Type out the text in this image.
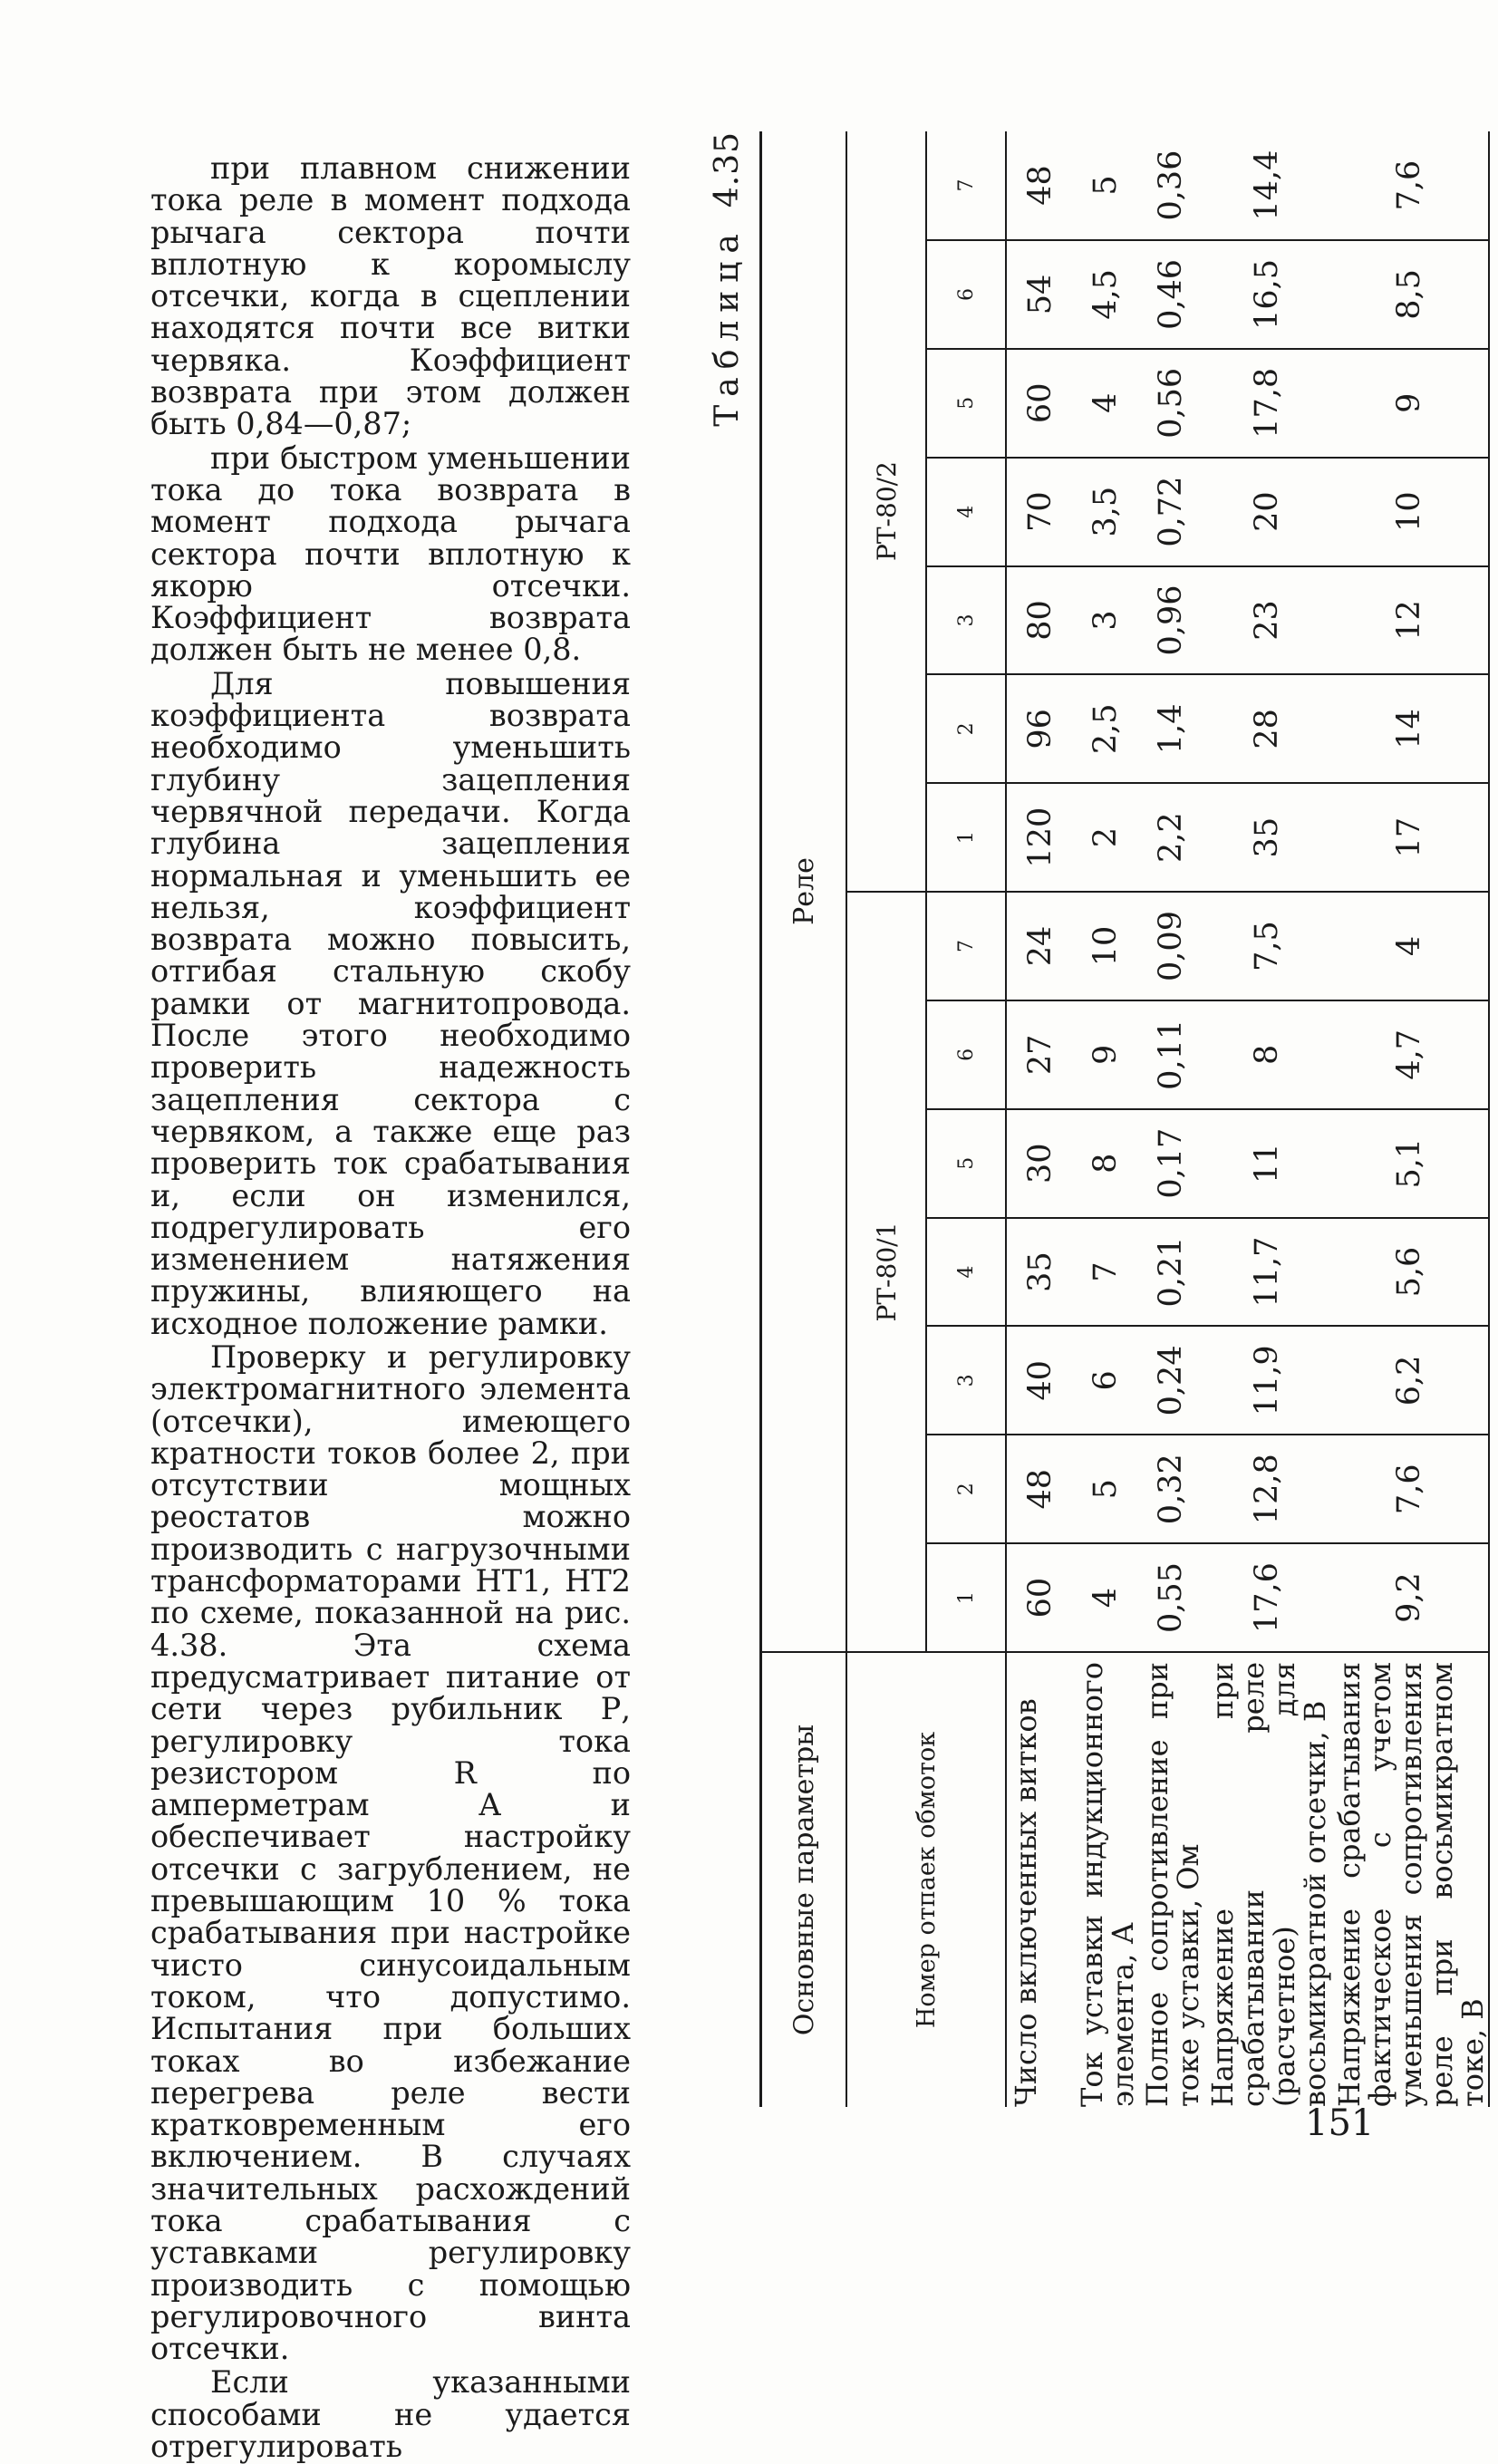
при плавном снижении тока реле в момент подхода рычага сектора почти вплотную к коромыслу отсечки, когда в сцеплении находятся почти все витки червяка. Коэффициент возврата при этом должен быть 0,84—0,87;

при быстром уменьшении тока до тока возврата в момент подхода рычага сектора почти вплотную к якорю отсечки. Коэффициент возврата должен быть не менее 0,8.

Для повышения коэффициента возврата необходимо уменьшить глубину зацепления червячной передачи. Когда глубина зацепления нормальная и уменьшить ее нельзя, коэффициент возврата можно повысить, отгибая стальную скобу рамки от магнитопровода. После этого необходимо проверить надежность зацепления сектора с червяком, а также еще раз проверить ток срабатывания и, если он изменился, подрегулировать его изменением натяжения пружины, влияющего на исходное положение рамки.

Проверку и регулировку электромагнитного элемента (отсечки), имеющего кратности токов более 2, при отсутствии мощных реостатов можно производить с нагрузочными трансформаторами НТ1, НТ2 по схеме, показанной на рис. 4.38. Эта схема предусматривает питание от сети через рубильник Р, регулировку тока резистором R по амперметрам А и обеспечивает настройку отсечки с загрублением, не превышающим 10 % тока срабатывания при настройке чисто синусоидальным током, что допустимо. Испытания при больших токах во избежание перегрева реле вести кратковременным его включением. В случаях значительных расхождений тока срабатывания с уставками регулировку производить с помощью регулировочного винта отсечки.

Если указанными способами не удается отрегулировать

Таблица4.35
Основные параметры	Реле													
Номер отпаек обмоток	РТ-80/1							РТ-80/2						
	1	2	3	4	5	6	7	1	2	3	4	5	6	7
Число включенных витков	60	48	40	35	30	27	24	120	96	80	70	60	54	48
Ток уставки индукционного элемента, А	4	5	6	7	8	9	10	2	2,5	3	3,5	4	4,5	5
Полное сопротивление при токе уставки, Ом	0,55	0,32	0,24	0,21	0,17	0,11	0,09	2,2	1,4	0,96	0,72	0,56	0,46	0,36
Напряжение при срабатывании реле (расчетное) для восьмикратной отсечки, В	17,6	12,8	11,9	11,7	11	8	7,5	35	28	23	20	17,8	16,5	14,4
Напряжение срабатывания фактическое с учетом уменьшения сопротивления реле при восьмикратном токе, В	9,2	7,6	6,2	5,6	5,1	4,7	4	17	14	12	10	9	8,5	7,6
151
